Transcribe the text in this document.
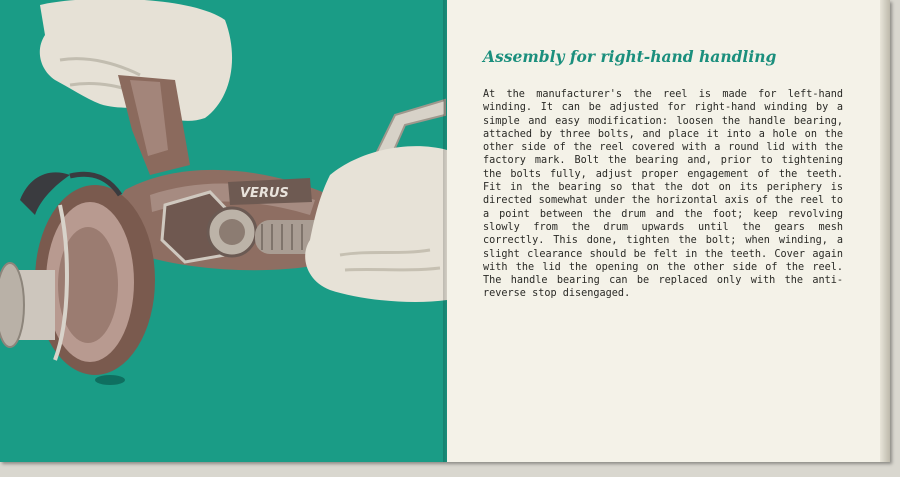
VERUS
Assembly for right-hand handling

At the manufacturer's the reel is made for left-hand winding. It can be adjusted for right-hand winding by a simple and easy modification: loosen the handle bearing, attached by three bolts, and place it into a hole on the other side of the reel covered with a round lid with the factory mark. Bolt the bearing and, prior to tightening the bolts fully, adjust proper engagement of the teeth. Fit in the bearing so that the dot on its periphery is directed somewhat under the horizontal axis of the reel to a point between the drum and the foot; keep revolving slowly from the drum upwards until the gears mesh correctly. This done, tighten the bolt; when winding, a slight clearance should be felt in the teeth. Cover again with the lid the opening on the other side of the reel. The handle bearing can be replaced only with the anti-reverse stop disengaged.
